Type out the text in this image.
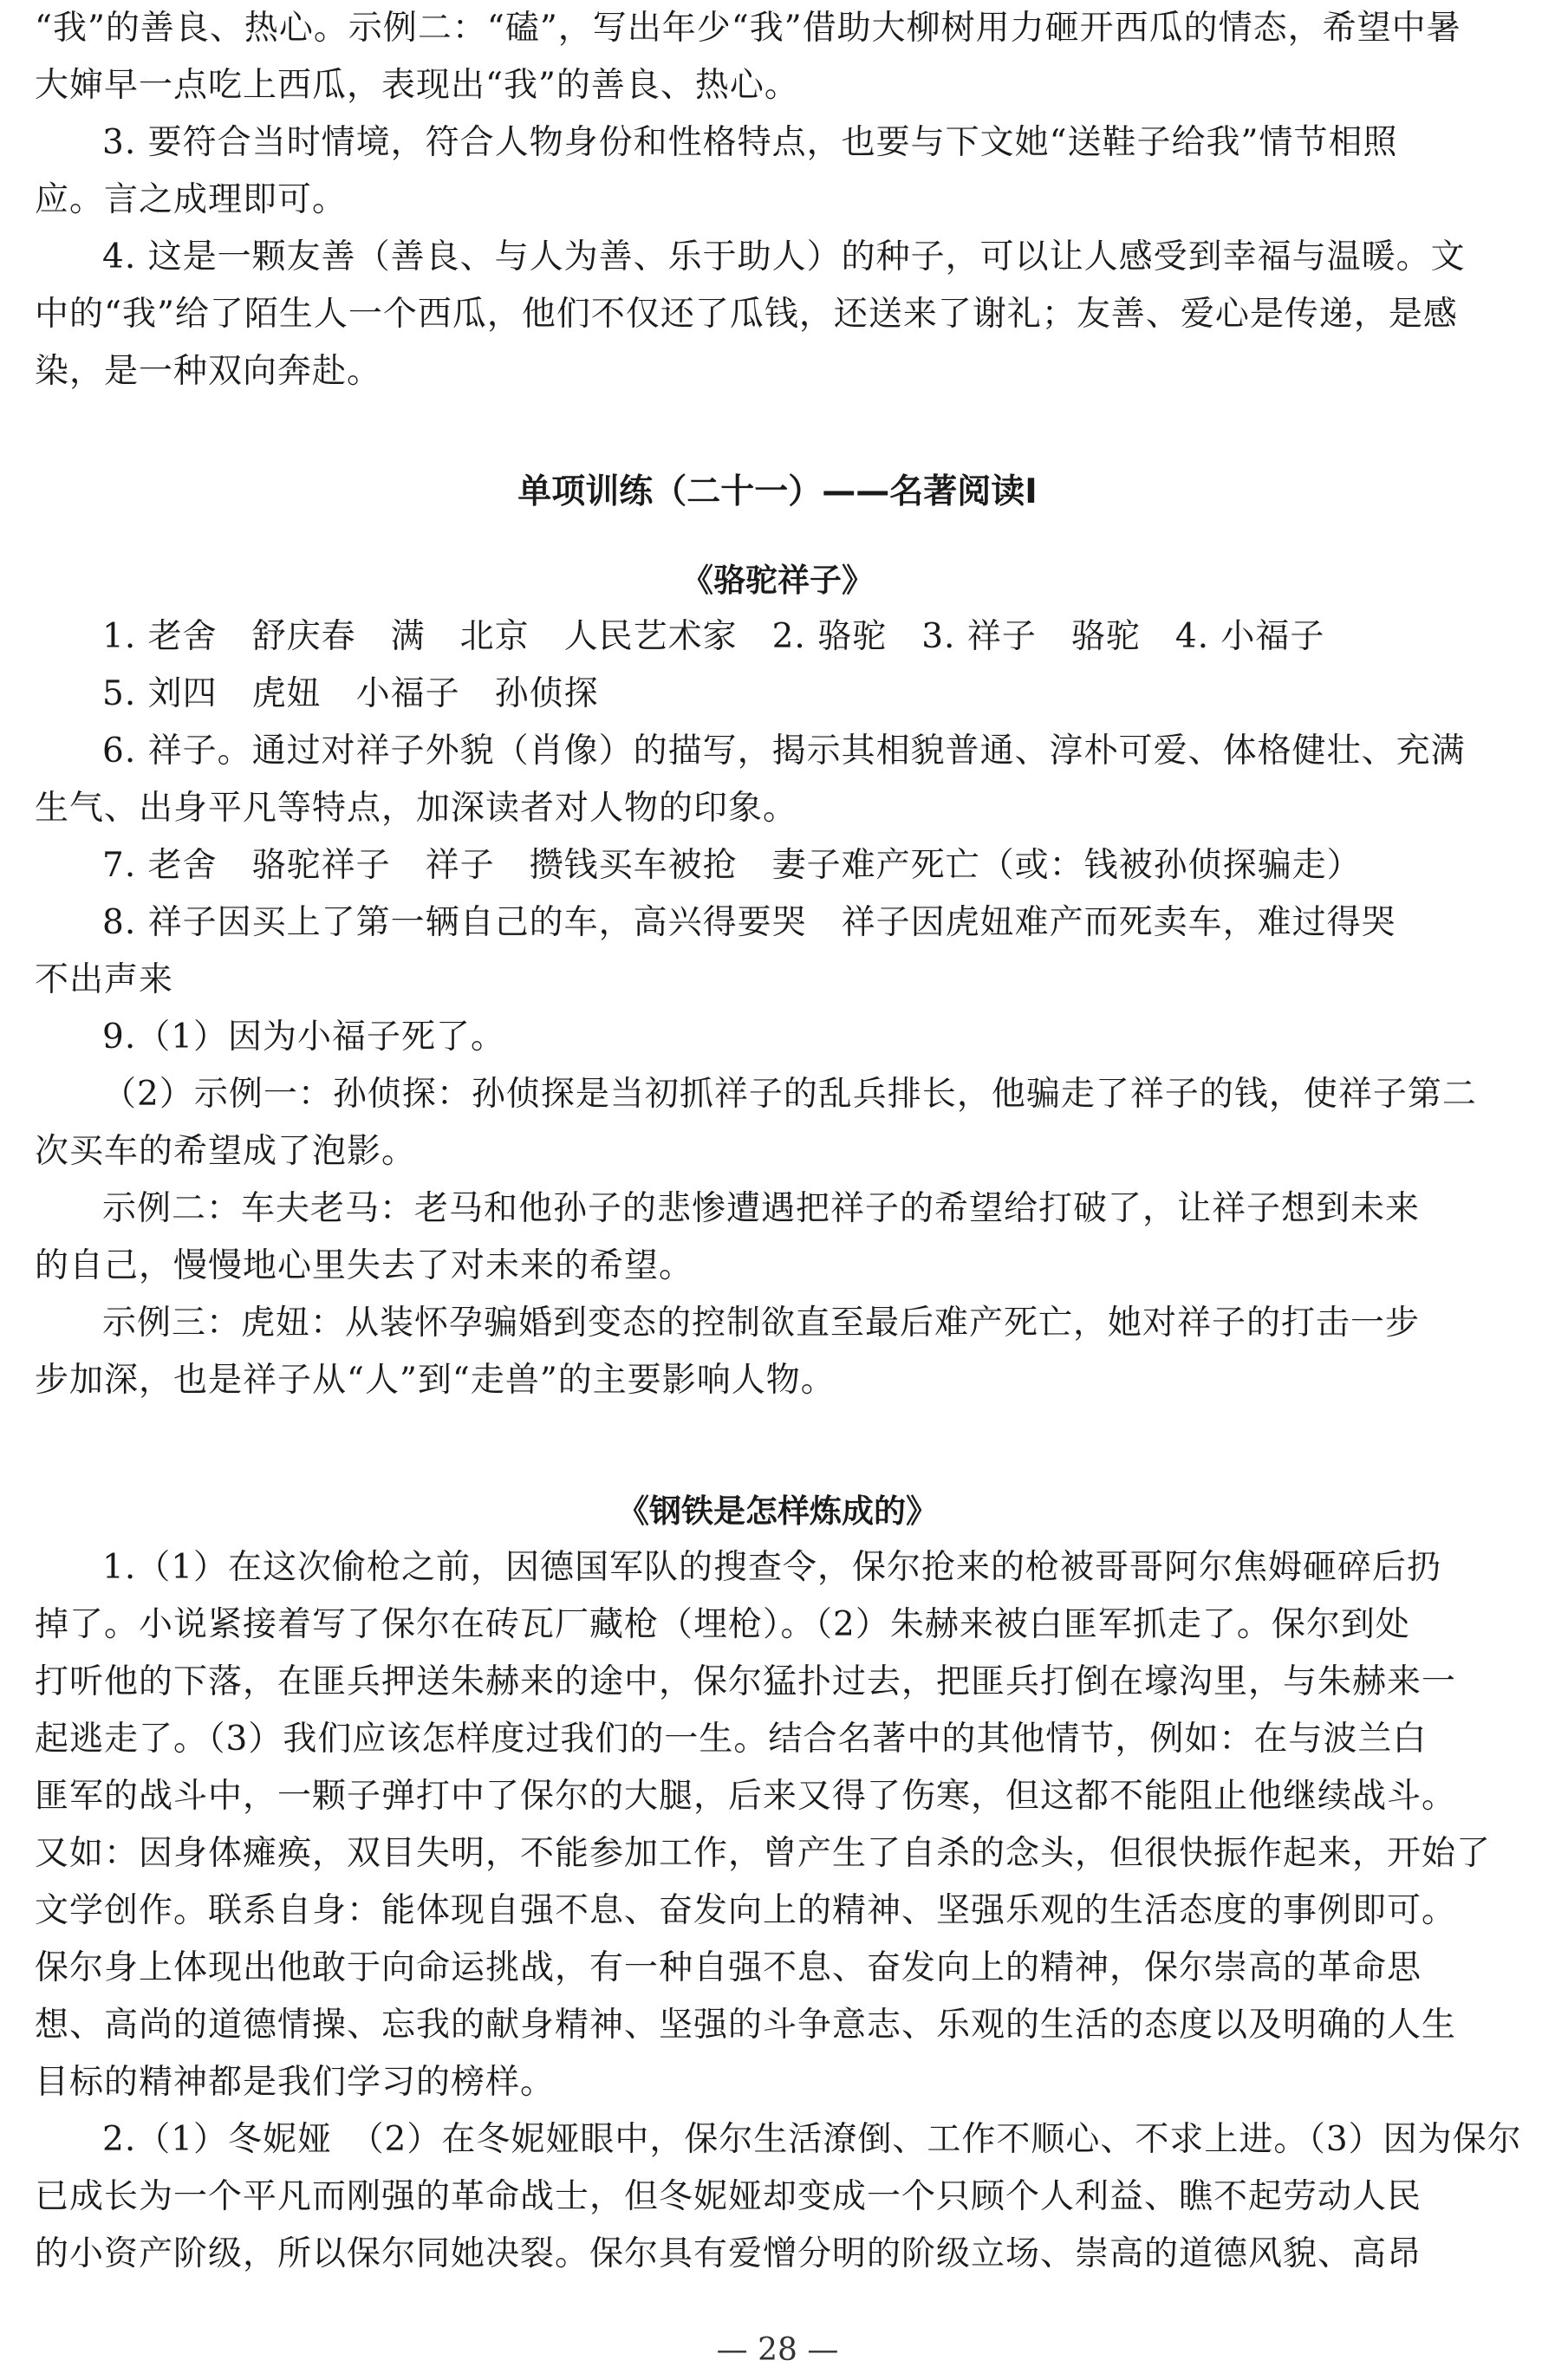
“我”的善良、热心。示例二：“磕”，写出年少“我”借助大柳树用力砸开西瓜的情态，希望中暑

大婶早一点吃上西瓜，表现出“我”的善良、热心。

3. 要符合当时情境，符合人物身份和性格特点，也要与下文她“送鞋子给我”情节相照

应。言之成理即可。

4. 这是一颗友善（善良、与人为善、乐于助人）的种子，可以让人感受到幸福与温暖。文

中的“我”给了陌生人一个西瓜，他们不仅还了瓜钱，还送来了谢礼；友善、爱心是传递，是感

染，是一种双向奔赴。

单项训练（二十一）——名著阅读Ⅰ
《骆驼祥子》

1. 老舍　舒庆春　满　北京　人民艺术家　2. 骆驼　3. 祥子　骆驼　4. 小福子

5. 刘四　虎妞　小福子　孙侦探

6. 祥子。通过对祥子外貌（肖像）的描写，揭示其相貌普通、淳朴可爱、体格健壮、充满

生气、出身平凡等特点，加深读者对人物的印象。

7. 老舍　骆驼祥子　祥子　攒钱买车被抢　妻子难产死亡（或：钱被孙侦探骗走）

8. 祥子因买上了第一辆自己的车，高兴得要哭　祥子因虎妞难产而死卖车，难过得哭

不出声来

9.（1）因为小福子死了。

（2）示例一：孙侦探：孙侦探是当初抓祥子的乱兵排长，他骗走了祥子的钱，使祥子第二

次买车的希望成了泡影。

示例二：车夫老马：老马和他孙子的悲惨遭遇把祥子的希望给打破了，让祥子想到未来

的自己，慢慢地心里失去了对未来的希望。

示例三：虎妞：从装怀孕骗婚到变态的控制欲直至最后难产死亡，她对祥子的打击一步

步加深，也是祥子从“人”到“走兽”的主要影响人物。

《钢铁是怎样炼成的》

1.（1）在这次偷枪之前，因德国军队的搜查令，保尔抢来的枪被哥哥阿尔焦姆砸碎后扔

掉了。小说紧接着写了保尔在砖瓦厂藏枪（埋枪）。（2）朱赫来被白匪军抓走了。保尔到处

打听他的下落，在匪兵押送朱赫来的途中，保尔猛扑过去，把匪兵打倒在壕沟里，与朱赫来一

起逃走了。（3）我们应该怎样度过我们的一生。结合名著中的其他情节，例如：在与波兰白

匪军的战斗中，一颗子弹打中了保尔的大腿，后来又得了伤寒，但这都不能阻止他继续战斗。

又如：因身体瘫痪，双目失明，不能参加工作，曾产生了自杀的念头，但很快振作起来，开始了

文学创作。联系自身：能体现自强不息、奋发向上的精神、坚强乐观的生活态度的事例即可。

保尔身上体现出他敢于向命运挑战，有一种自强不息、奋发向上的精神，保尔崇高的革命思

想、高尚的道德情操、忘我的献身精神、坚强的斗争意志、乐观的生活的态度以及明确的人生

目标的精神都是我们学习的榜样。

2.（1）冬妮娅　（2）在冬妮娅眼中，保尔生活潦倒、工作不顺心、不求上进。（3）因为保尔

已成长为一个平凡而刚强的革命战士，但冬妮娅却变成一个只顾个人利益、瞧不起劳动人民

的小资产阶级，所以保尔同她决裂。保尔具有爱憎分明的阶级立场、崇高的道德风貌、高昂

— 28 —
